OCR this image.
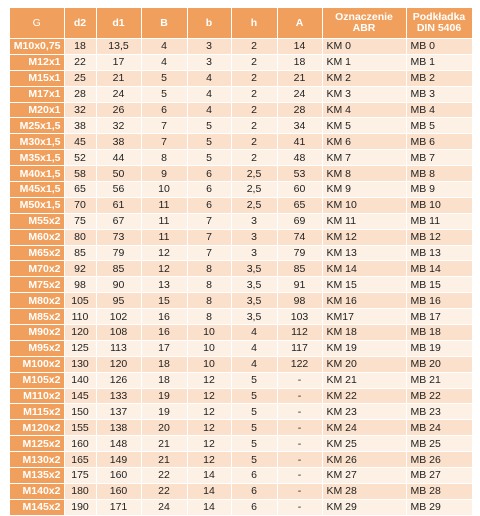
G	d2	d1	B	b	h	A	Oznaczenie ABR	Podkładka DIN 5406
M10x0,75	18	13,5	4	3	2	14	KM 0	MB 0
M12x1	22	17	4	3	2	18	KM 1	MB 1
M15x1	25	21	5	4	2	21	KM 2	MB 2
M17x1	28	24	5	4	2	24	KM 3	MB 3
M20x1	32	26	6	4	2	28	KM 4	MB 4
M25x1,5	38	32	7	5	2	34	KM 5	MB 5
M30x1,5	45	38	7	5	2	41	KM 6	MB 6
M35x1,5	52	44	8	5	2	48	KM 7	MB 7
M40x1,5	58	50	9	6	2,5	53	KM 8	MB 8
M45x1,5	65	56	10	6	2,5	60	KM 9	MB 9
M50x1,5	70	61	11	6	2,5	65	KM 10	MB 10
M55x2	75	67	11	7	3	69	KM 11	MB 11
M60x2	80	73	11	7	3	74	KM 12	MB 12
M65x2	85	79	12	7	3	79	KM 13	MB 13
M70x2	92	85	12	8	3,5	85	KM 14	MB 14
M75x2	98	90	13	8	3,5	91	KM 15	MB 15
M80x2	105	95	15	8	3,5	98	KM 16	MB 16
M85x2	110	102	16	8	3,5	103	KM17	MB 17
M90x2	120	108	16	10	4	112	KM 18	MB 18
M95x2	125	113	17	10	4	117	KM 19	MB 19
M100x2	130	120	18	10	4	122	KM 20	MB 20
M105x2	140	126	18	12	5	-	KM 21	MB 21
M110x2	145	133	19	12	5	-	KM 22	MB 22
M115x2	150	137	19	12	5	-	KM 23	MB 23
M120x2	155	138	20	12	5	-	KM 24	MB 24
M125x2	160	148	21	12	5	-	KM 25	MB 25
M130x2	165	149	21	12	5	-	KM 26	MB 26
M135x2	175	160	22	14	6	-	KM 27	MB 27
M140x2	180	160	22	14	6	-	KM 28	MB 28
M145x2	190	171	24	14	6	-	KM 29	MB 29
